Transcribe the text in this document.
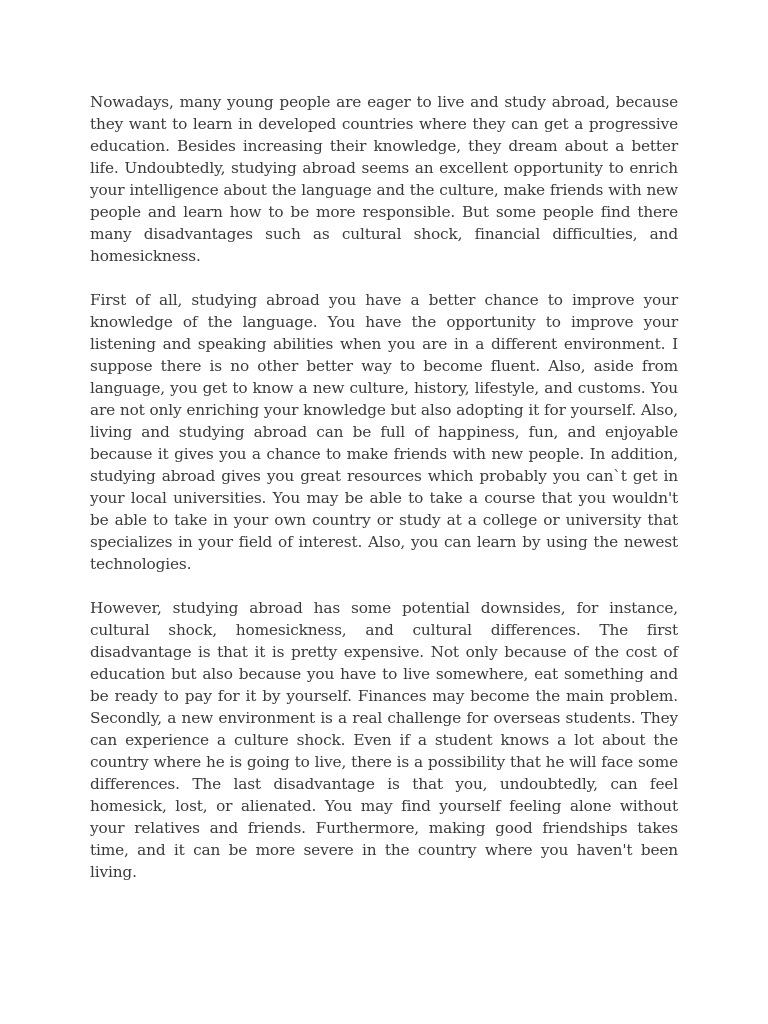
Nowadays, many young people are eager to live and study abroad, because they want to learn in developed countries where they can get a progressive education. Besides increasing their knowledge, they dream about a better life. Undoubtedly, studying abroad seems an excellent opportunity to enrich your intelligence about the language and the culture, make friends with new people and learn how to be more responsible. But some people find there many disadvantages such as cultural shock, financial difficulties, and homesickness.

First of all, studying abroad you have a better chance to improve your knowledge of the language. You have the opportunity to improve your listening and speaking abilities when you are in a different environment. I suppose there is no other better way to become fluent. Also, aside from language, you get to know a new culture, history, lifestyle, and customs. You are not only enriching your knowledge but also adopting it for yourself. Also, living and studying abroad can be full of happiness, fun, and enjoyable because it gives you a chance to make friends with new people. In addition, studying abroad gives you great resources which probably you can`t get in your local universities. You may be able to take a course that you wouldn't be able to take in your own country or study at a college or university that specializes in your field of interest. Also, you can learn by using the newest technologies.

However, studying abroad has some potential downsides, for instance, cultural shock, homesickness, and cultural differences. The first disadvantage is that it is pretty expensive. Not only because of the cost of education but also because you have to live somewhere, eat something and be ready to pay for it by yourself. Finances may become the main problem. Secondly, a new environment is a real challenge for overseas students. They can experience a culture shock. Even if a student knows a lot about the country where he is going to live, there is a possibility that he will face some differences. The last disadvantage is that you, undoubtedly, can feel homesick, lost, or alienated. You may find yourself feeling alone without your relatives and friends. Furthermore, making good friendships takes time, and it can be more severe in the country where you haven't been living.
